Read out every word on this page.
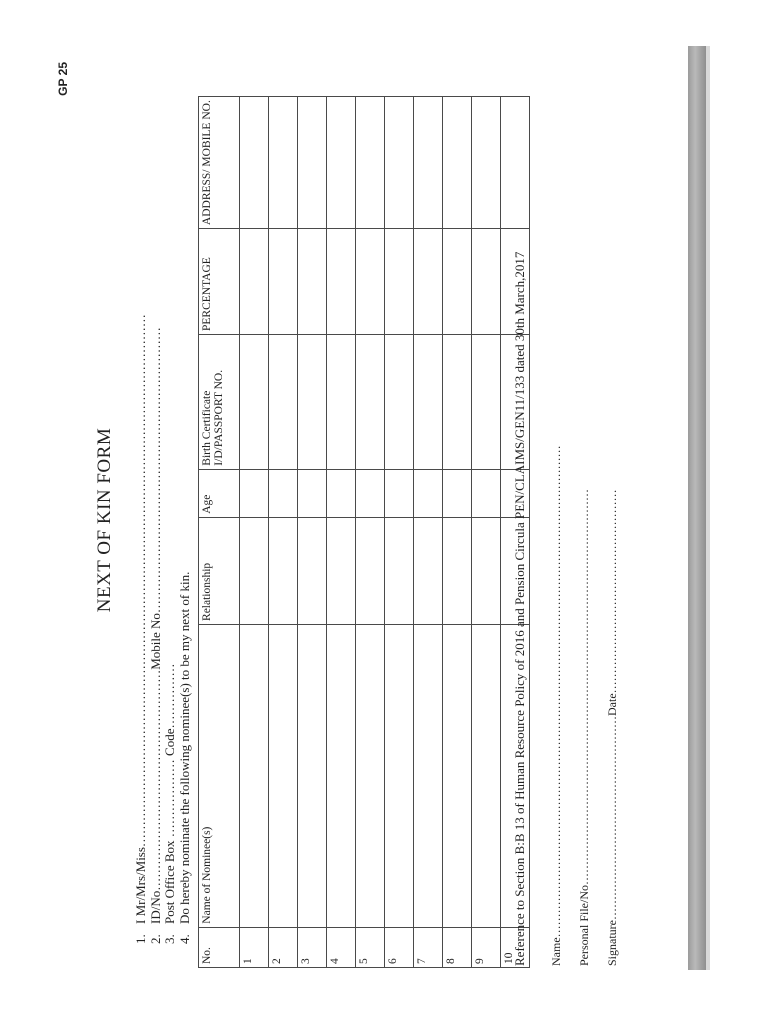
GP 25
NEXT OF KIN FORM
1.I Mr/Mrs/Miss……………………………………………………………………………………………………………
2.ID/No……………………………………………Mobile No…………………………………………………………
3.Post Office Box ……………… Code……………
4.Do hereby nominate the following nominee(s) to be my next of kin.
No.	Name of Nominee(s)	Relationship	Age	Birth Certificate I/D/PASSPORT NO.	PERCENTAGE	ADDRESS/ MOBILE NO.
1						
2						
3						
4						
5						
6						
7						
8						
9						
10						
Reference to Section B:B 13 of Human Resource Policy of 2016 and Pension Circula PEN/CLAIMS/GEN11/133 dated 30th March,2017	Name……………………………………………………………………………………………………………	Personal File/No………………………………………………………………………………………	Signature……………………………………………Date……………………………………………
